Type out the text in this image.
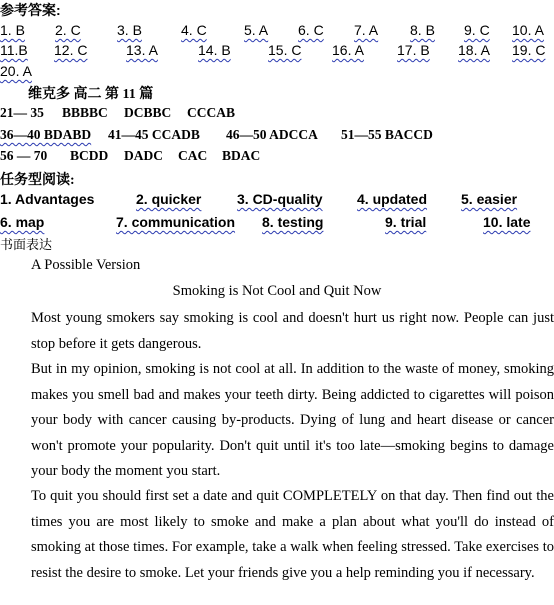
参考答案:
1. B 2. C	3. B	4. C	5. A 6. C 7. A 8. B 9. C 10. A
11.B 12. C	13. A	14. B	15. C 16. A 17. B 18. A 19. C
20. A
维克多 高二 第 11 篇
21— 35 BBBBC DCBBC CCCAB
36—40 BDABD 41—45 CCADB 46—50 ADCCA 51—55 BACCD
56 — 70 BCDD DADC CAC BDAC
任务型阅读:
1. Advantages	2. quicker	3. CD-quality 4. updated 5. easier
6. map	7. communication 8. testing	9. trial	10. late
书面表达
A Possible Version
Smoking is Not Cool and Quit Now
Most young smokers say smoking is cool and doesn't hurt us right now. People can just stop before it gets dangerous.
But in my opinion, smoking is not cool at all. In addition to the waste of money, smoking makes you smell bad and makes your teeth dirty. Being addicted to cigarettes will poison your body with cancer causing by-products. Dying of lung and heart disease or cancer won't promote your popularity. Don't quit until it's too late—smoking begins to damage your body the moment you start.
To quit you should first set a date and quit COMPLETELY on that day. Then find out the times you are most likely to smoke and make a plan about what you'll do instead of smoking at those times. For example, take a walk when feeling stressed. Take exercises to resist the desire to smoke. Let your friends give you a help reminding you if necessary.
